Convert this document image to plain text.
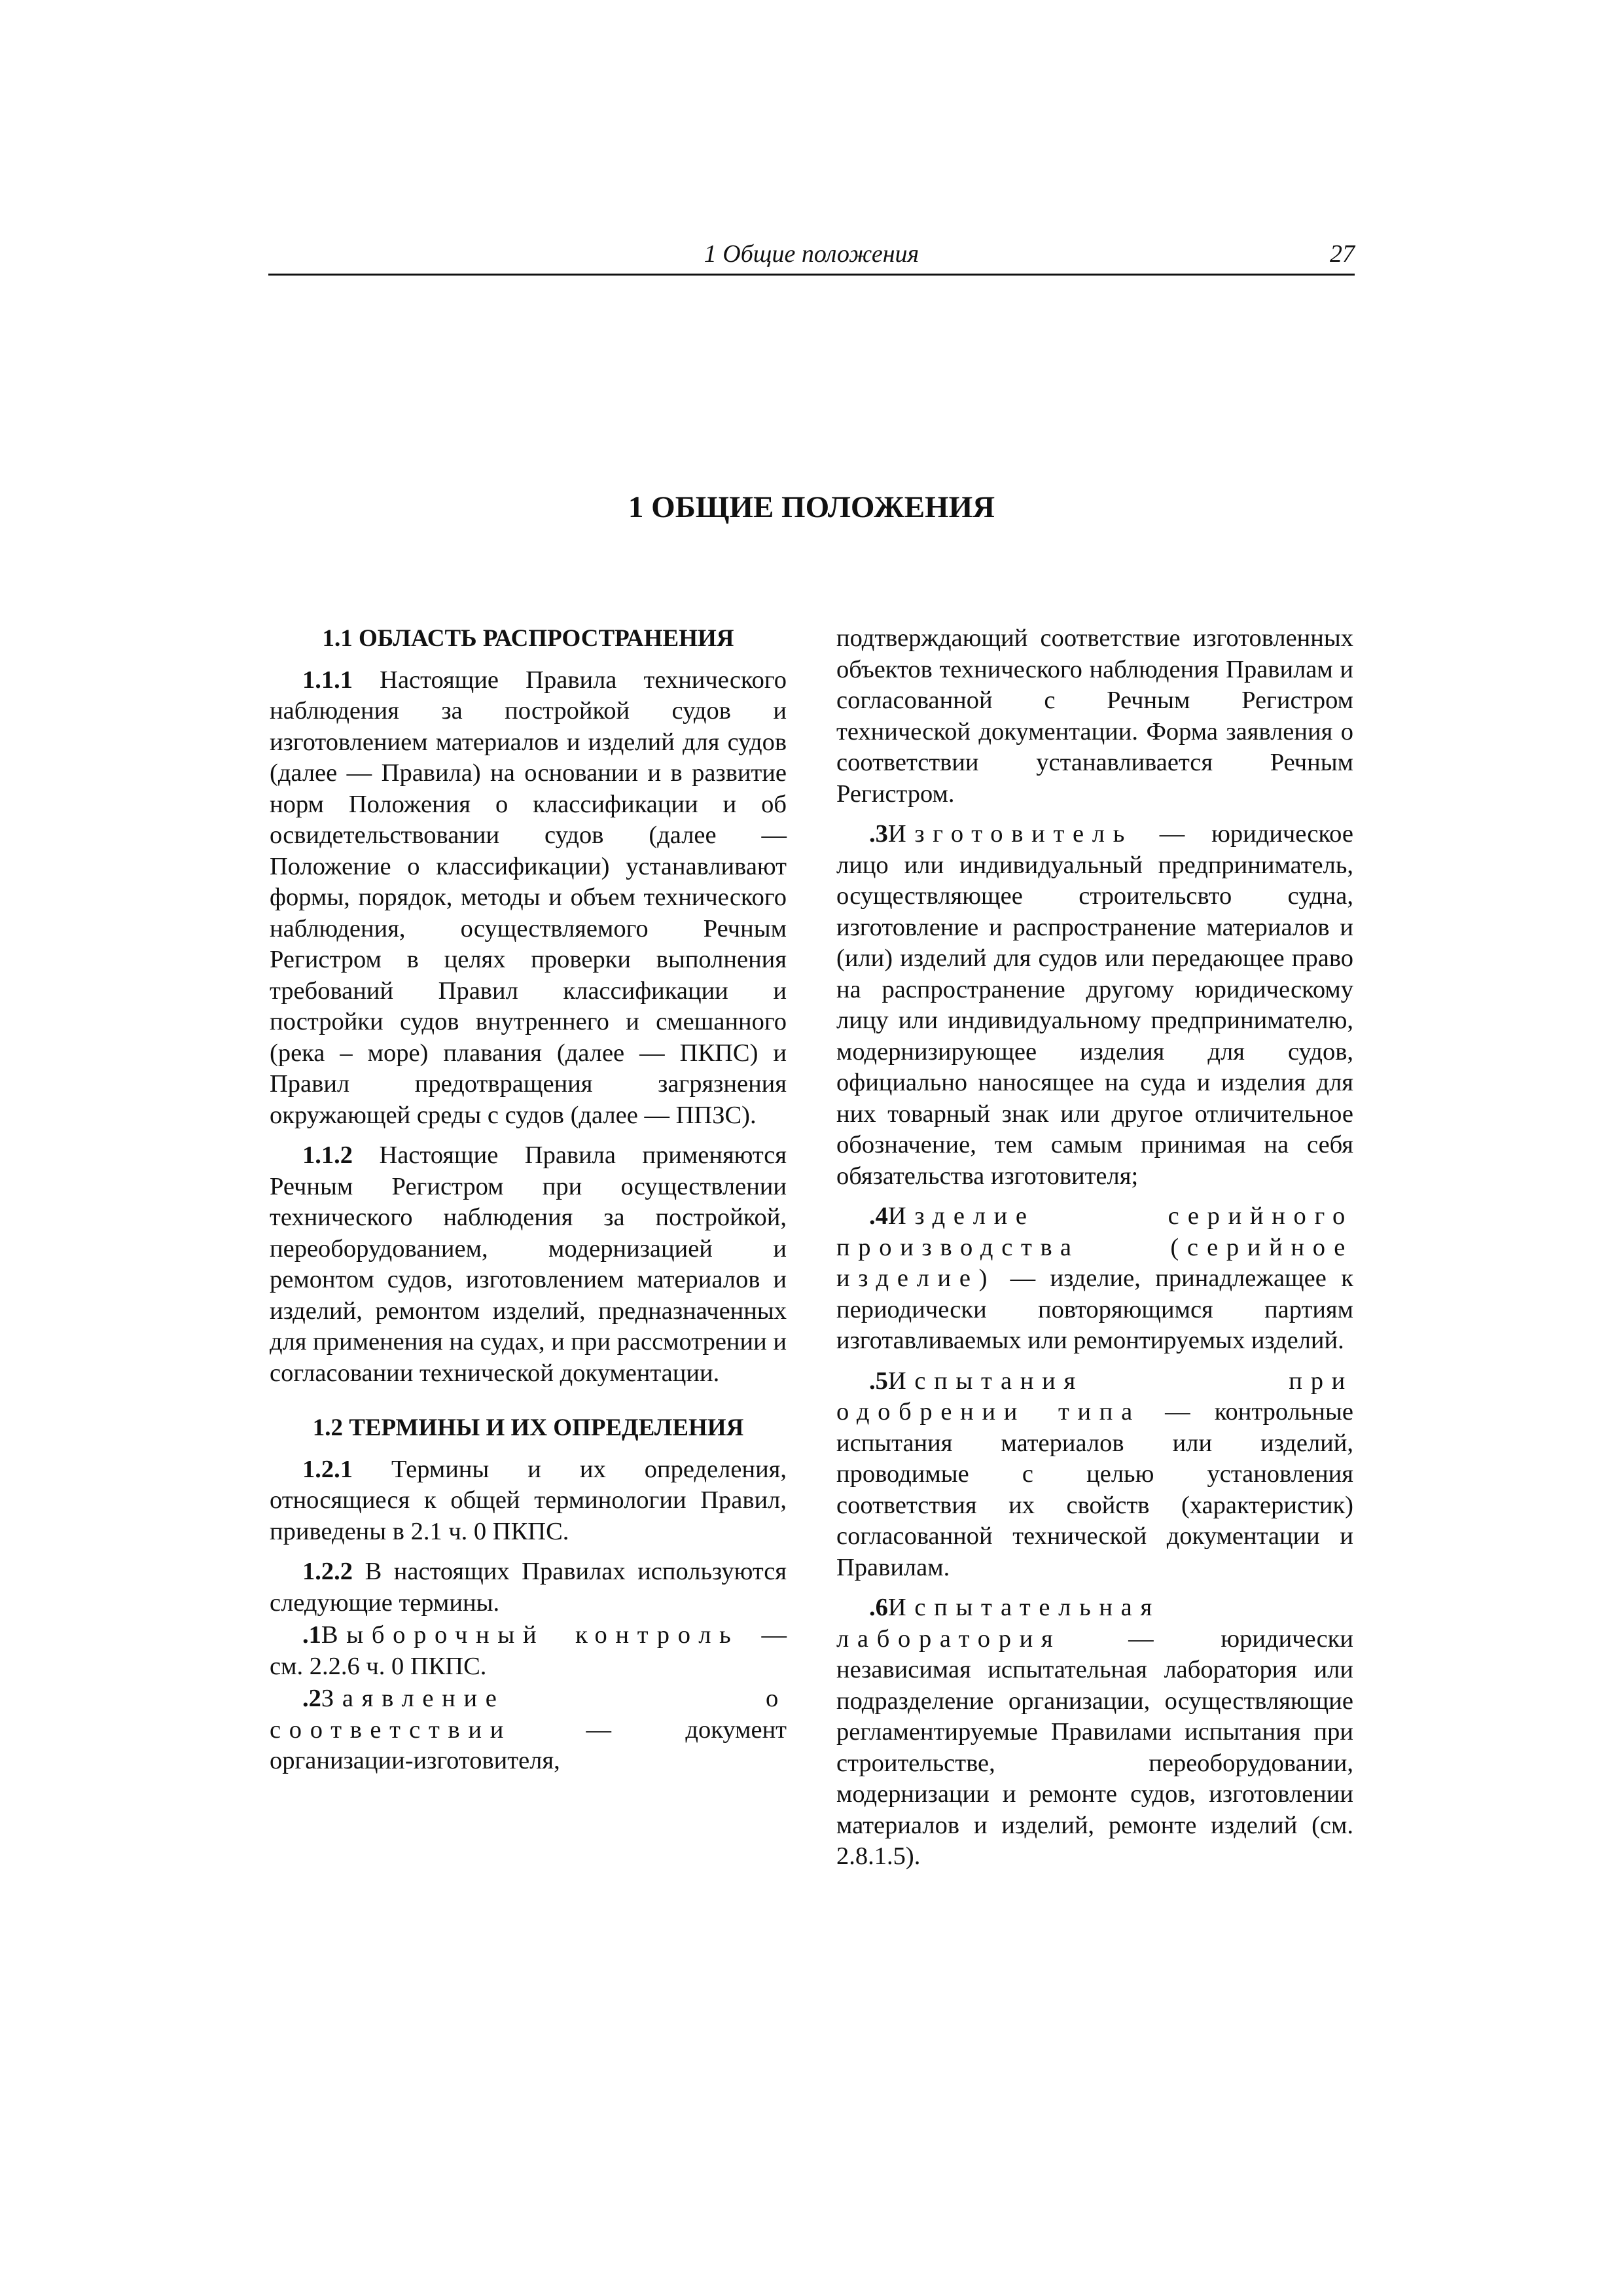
1 Общие положения	27
1 ОБЩИЕ ПОЛОЖЕНИЯ
1.1 ОБЛАСТЬ РАСПРОСТРАНЕНИЯ

1.1.1 Настоящие Правила технического наблюдения за постройкой судов и изготовлением материалов и изделий для судов (далее — Правила) на основании и в развитие норм Положения о классификации и об освидетельствовании судов (далее — Положение о классификации) устанавливают формы, порядок, методы и объем технического наблюдения, осуществляемого Речным Регистром в целях проверки выполнения требований Правил классификации и постройки судов внутреннего и смешанного (река – море) плавания (далее — ПКПС) и Правил предотвращения загрязнения окружающей среды с судов (далее — ППЗС).

1.1.2 Настоящие Правила применяются Речным Регистром при осуществлении технического наблюдения за постройкой, переоборудованием, модернизацией и ремонтом судов, изготовлением материалов и изделий, ремонтом изделий, предназначенных для применения на судах, и при рассмотрении и согласовании технической документации.

1.2 ТЕРМИНЫ И ИХ ОПРЕДЕЛЕНИЯ

1.2.1 Термины и их определения, относящиеся к общей терминологии Правил, приведены в 2.1 ч. 0 ПКПС.

1.2.2 В настоящих Правилах используются следующие термины.

.1Выборочный контроль — см. 2.2.6 ч. 0 ПКПС.

.2Заявление о соответствии — документ организации-изготовителя,

подтверждающий соответствие изготовленных объектов технического наблюдения Правилам и согласованной с Речным Регистром технической документации. Форма заявления о соответствии устанавливается Речным Регистром.

.3Изготовитель — юридическое лицо или индивидуальный предприниматель, осуществляющее строительсвто судна, изготовление и распространение материалов и (или) изделий для судов или передающее право на распространение другому юридическому лицу или индивидуальному предпринимателю, модернизирующее изделия для судов, официально наносящее на суда и изделия для них товарный знак или другое отличительное обозначение, тем самым принимая на себя обязательства изготовителя;

.4Изделие серийного производства (серийное изделие) — изделие, принадлежащее к периодически повторяющимся партиям изготавливаемых или ремонтируемых изделий.

.5Испытания при одобрении типа — контрольные испытания материалов или изделий, проводимые с целью установления соответствия их свойств (характеристик) согласованной технической документации и Правилам.

.6Испытательная лаборатория — юридически независимая испытательная лаборатория или подразделение организации, осуществляющие регламентируемые Правилами испытания при строительстве, переоборудовании, модернизации и ремонте судов, изготовлении материалов и изделий, ремонте изделий (см. 2.8.1.5).
